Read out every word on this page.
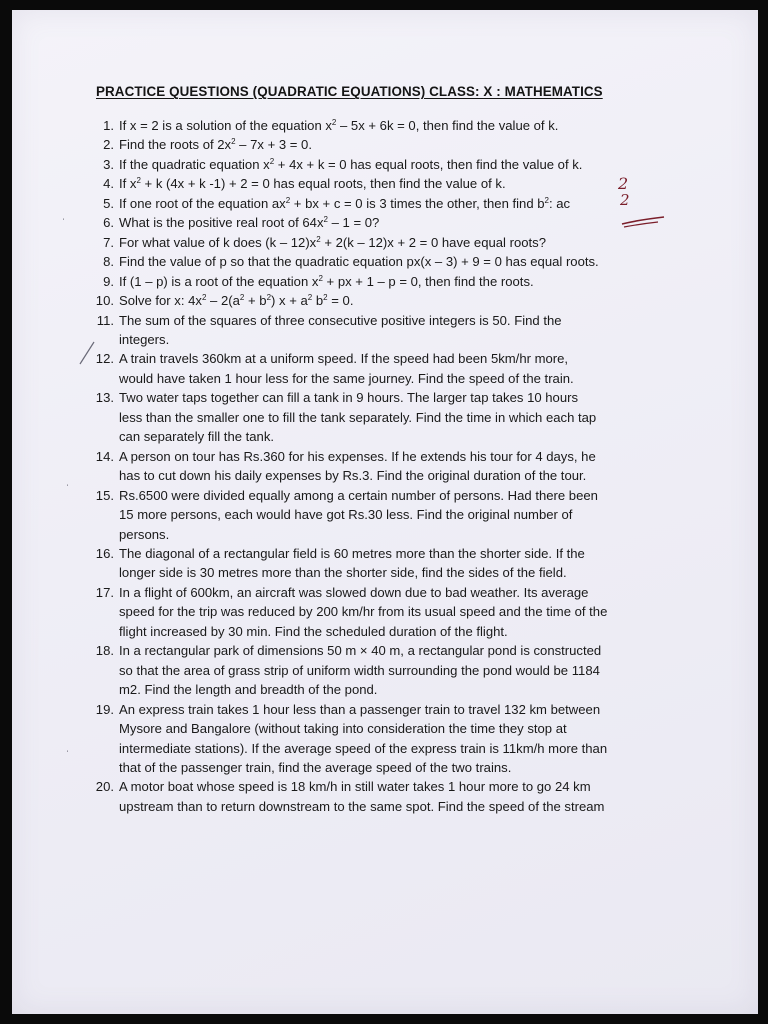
PRACTICE QUESTIONS (QUADRATIC EQUATIONS) CLASS: X : MATHEMATICS
1. If x = 2 is a solution of the equation $x^2 - 5x + 6k = 0$, then find the value of k.
2. Find the roots of $2x^2 - 7x + 3 = 0$.
3. If the quadratic equation $x^2 + 4x + k = 0$ has equal roots, then find the value of k.
4. If $x^2 + k$ (4x + k -1) + 2 = 0 has equal roots, then find the value of k.
5. If one root of the equation $ax^2$ + bx + c = 0 is 3 times the other, then find $b^2$: ac
6. What is the positive real root of $64x^2 - 1 = 0$?
7. For what value of k does $(k - 12)x^2 + 2(k - 12)x + 2 = 0$ have equal roots?
8. Find the value of p so that the quadratic equation px(x – 3) + 9 = 0 has equal roots.
9. If (1 – p) is a root of the equation $x^2$ + px + 1 – p = 0, then find the roots.
10. Solve for x: $4x^2 - 2(a^2 + b^2) x + a^2$ $b^2 = 0$.
11. The sum of the squares of three consecutive positive integers is 50. Find the
integers.
12. A train travels 360km at a uniform speed. If the speed had been 5km/hr more,
would have taken 1 hour less for the same journey. Find the speed of the train.
13. Two water taps together can fill a tank in 9 hours. The larger tap takes 10 hours
less than the smaller one to fill the tank separately. Find the time in which each tap
can separately fill the tank.
14. A person on tour has Rs.360 for his expenses. If he extends his tour for 4 days, he
has to cut down his daily expenses by Rs.3. Find the original duration of the tour.
15. Rs.6500 were divided equally among a certain number of persons. Had there been
15 more persons, each would have got Rs.30 less. Find the original number of
persons.
16. The diagonal of a rectangular field is 60 metres more than the shorter side. If the
longer side is 30 metres more than the shorter side, find the sides of the field.
17. In a flight of 600km, an aircraft was slowed down due to bad weather. Its average
speed for the trip was reduced by 200 km/hr from its usual speed and the time of the
flight increased by 30 min. Find the scheduled duration of the flight.
18. In a rectangular park of dimensions 50 m × 40 m, a rectangular pond is constructed
so that the area of grass strip of uniform width surrounding the pond would be 1184
m2. Find the length and breadth of the pond.
19. An express train takes 1 hour less than a passenger train to travel 132 km between
Mysore and Bangalore (without taking into consideration the time they stop at
intermediate stations). If the average speed of the express train is 11km/h more than
that of the passenger train, find the average speed of the two trains.
20. A motor boat whose speed is 18 km/h in still water takes 1 hour more to go 24 km
upstream than to return downstream to the same spot. Find the speed of the stream
2
2
ˌ
ˈ
ˌ
